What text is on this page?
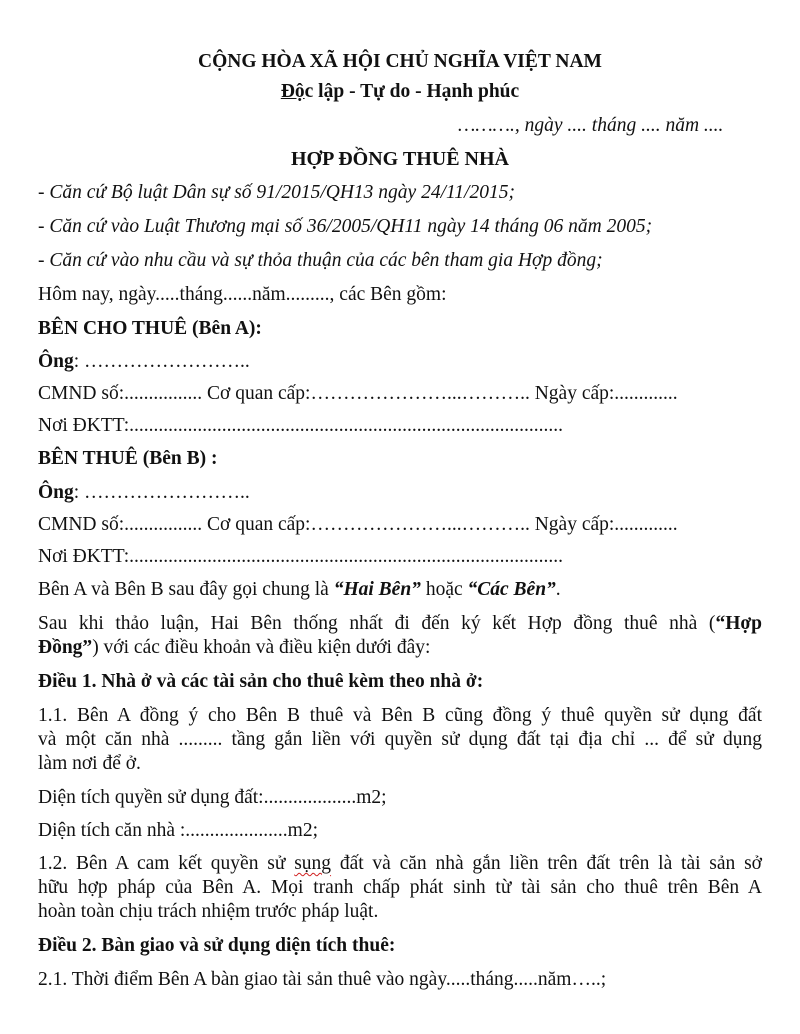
CỘNG HÒA XÃ HỘI CHỦ NGHĨA VIỆT NAM
Độc lập - Tự do - Hạnh phúc
………., ngày .... tháng .... năm ....
HỢP ĐỒNG THUÊ NHÀ
- Căn cứ Bộ luật Dân sự số 91/2015/QH13 ngày 24/11/2015;
- Căn cứ vào Luật Thương mại số 36/2005/QH11 ngày 14 tháng 06 năm 2005;
- Căn cứ vào nhu cầu và sự thỏa thuận của các bên tham gia Hợp đồng;
Hôm nay, ngày.....tháng......năm........., các Bên gồm:
BÊN CHO THUÊ (Bên A):
Ông: ……………………..
CMND số:................ Cơ quan cấp:…………………...……….. Ngày cấp:.............
Nơi ĐKTT:.........................................................................................
BÊN THUÊ (Bên B) :
Ông: ……………………..
CMND số:................ Cơ quan cấp:…………………...……….. Ngày cấp:.............
Nơi ĐKTT:.........................................................................................
Bên A và Bên B sau đây gọi chung là “Hai Bên” hoặc “Các Bên”.
Sau khi thảo luận, Hai Bên thống nhất đi đến ký kết Hợp đồng thuê nhà (“Hợp
Đồng”) với các điều khoản và điều kiện dưới đây:
Điều 1. Nhà ở và các tài sản cho thuê kèm theo nhà ở:
1.1. Bên A đồng ý cho Bên B thuê và Bên B cũng đồng ý thuê quyền sử dụng đất
và một căn nhà ......... tầng gắn liền với quyền sử dụng đất tại địa chỉ ... để sử dụng
làm nơi để ở.
Diện tích quyền sử dụng đất:...................m2;
Diện tích căn nhà :.....................m2;
1.2. Bên A cam kết quyền sử sụng đất và căn nhà gắn liền trên đất trên là tài sản sở
hữu hợp pháp của Bên A. Mọi tranh chấp phát sinh từ tài sản cho thuê trên Bên A
hoàn toàn chịu trách nhiệm trước pháp luật.
Điều 2. Bàn giao và sử dụng diện tích thuê:
2.1. Thời điểm Bên A bàn giao tài sản thuê vào ngày.....tháng.....năm…..;
